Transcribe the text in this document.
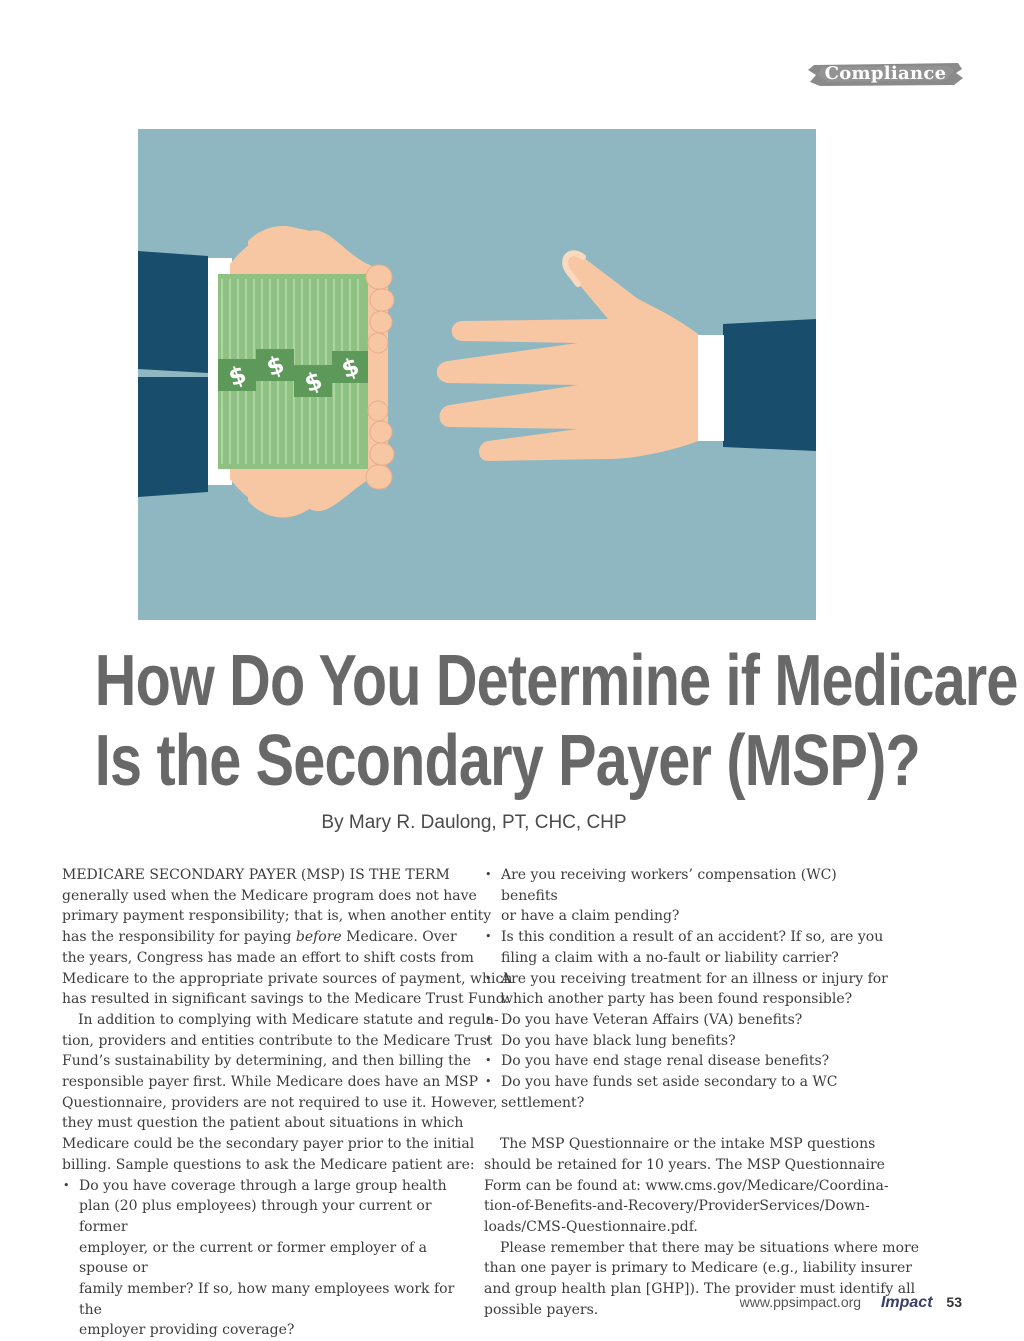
Compliance
$ $ $ $
How Do You Determine if Medicare
Is the Secondary Payer (MSP)?
By Mary R. Daulong, PT, CHC, CHP

MEDICARE SECONDARY PAYER (MSP) IS THE TERM

generally used when the Medicare program does not have

primary payment responsibility; that is, when another entity

has the responsibility for paying before Medicare. Over

the years, Congress has made an effort to shift costs from

Medicare to the appropriate private sources of payment, which

has resulted in significant savings to the Medicare Trust Fund.

In addition to complying with Medicare statute and regula-

tion, providers and entities contribute to the Medicare Trust

Fund’s sustainability by determining, and then billing the

responsible payer first. While Medicare does have an MSP

Questionnaire, providers are not required to use it. However,

they must question the patient about situations in which

Medicare could be the secondary payer prior to the initial

billing. Sample questions to ask the Medicare patient are:

• Do you have coverage through a large group health
plan (20 plus employees) through your current or former
employer, or the current or former employer of a spouse or
family member? If so, how many employees work for the
employer providing coverage?
• Are you receiving workers’ compensation (WC) benefits
or have a claim pending?
• Is this condition a result of an accident? If so, are you
filing a claim with a no-fault or liability carrier?
• Are you receiving treatment for an illness or injury for
which another party has been found responsible?
• Do you have Veteran Affairs (VA) benefits?
• Do you have black lung benefits?
• Do you have end stage renal disease benefits?
• Do you have funds set aside secondary to a WC settlement?

The MSP Questionnaire or the intake MSP questions

should be retained for 10 years. The MSP Questionnaire

Form can be found at: www.cms.gov/Medicare/Coordina-

tion-of-Benefits-and-Recovery/ProviderServices/Down-

loads/CMS-Questionnaire.pdf.

Please remember that there may be situations where more

than one payer is primary to Medicare (e.g., liability insurer

and group health plan [GHP]). The provider must identify all

possible payers.	www.ppsimpact.org Impact 53
